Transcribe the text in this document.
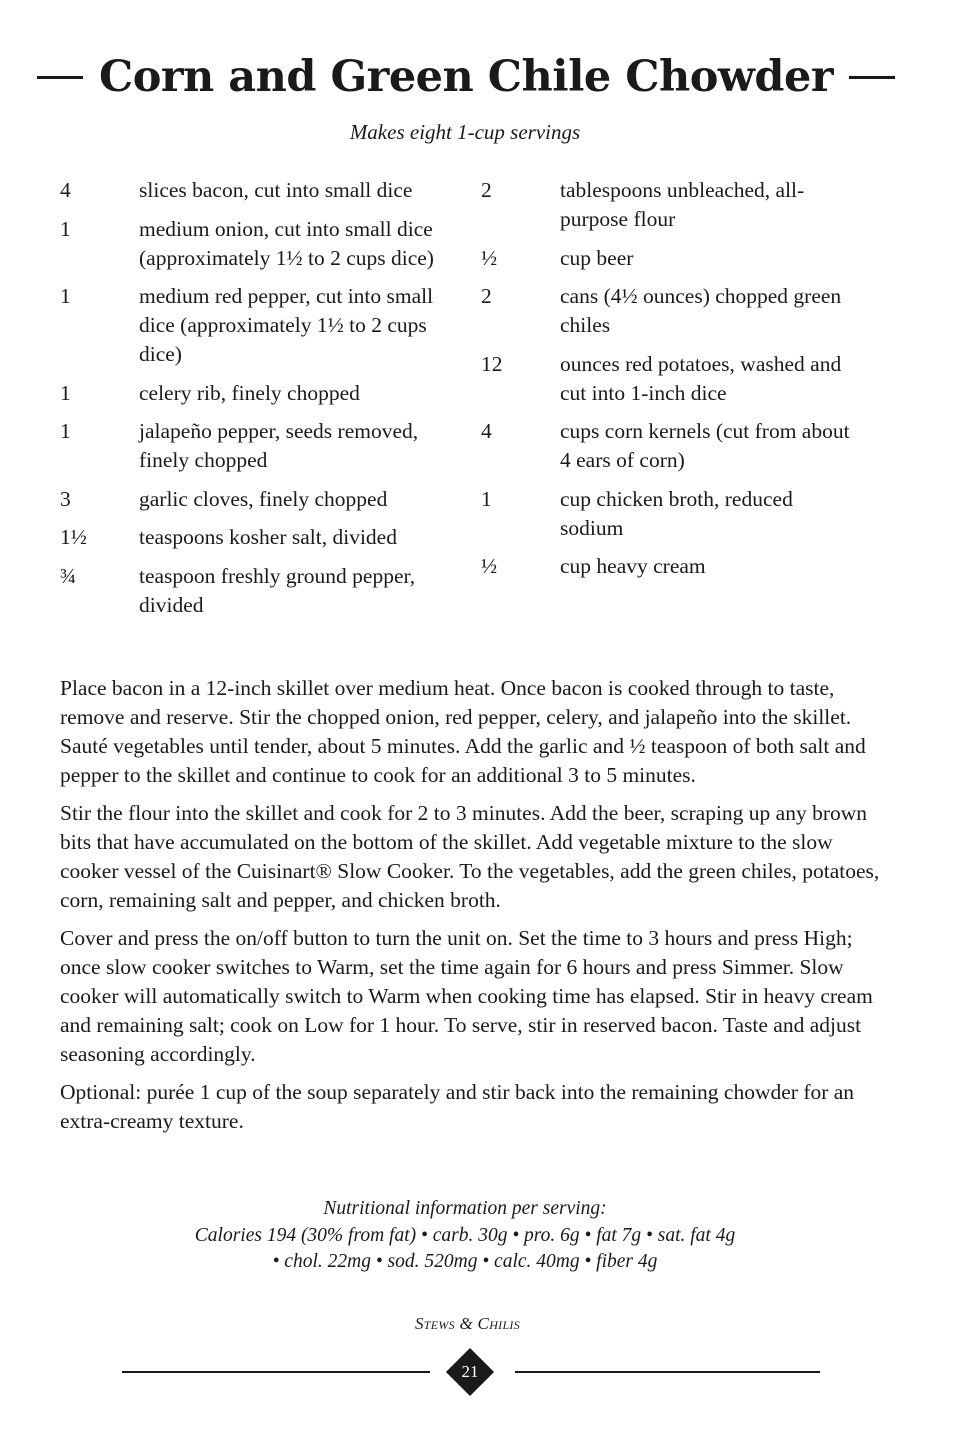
Corn and Green Chile Chowder
Makes eight 1-cup servings
4	slices bacon, cut into small dice
1	medium onion, cut into small dice (approximately 1½ to 2 cups dice)
1	medium red pepper, cut into small dice (approximately 1½ to 2 cups dice)
1	celery rib, finely chopped
1	jalapeño pepper, seeds removed, finely chopped
3	garlic cloves, finely chopped
1½	teaspoons kosher salt, divided
¾	teaspoon freshly ground pepper, divided
2	tablespoons unbleached, all-purpose flour
½	cup beer
2	cans (4½ ounces) chopped green chiles
12	ounces red potatoes, washed and cut into 1-inch dice
4	cups corn kernels (cut from about 4 ears of corn)
1	cup chicken broth, reduced sodium
½	cup heavy cream

Place bacon in a 12-inch skillet over medium heat. Once bacon is cooked through to taste, remove and reserve. Stir the chopped onion, red pepper, celery, and jalapeño into the skillet. Sauté vegetables until tender, about 5 minutes. Add the garlic and ½ teaspoon of both salt and pepper to the skillet and continue to cook for an additional 3 to 5 minutes.

Stir the flour into the skillet and cook for 2 to 3 minutes. Add the beer, scraping up any brown bits that have accumulated on the bottom of the skillet. Add vegetable mixture to the slow cooker vessel of the Cuisinart® Slow Cooker. To the vegetables, add the green chiles, potatoes, corn, remaining salt and pepper, and chicken broth.

Cover and press the on/off button to turn the unit on. Set the time to 3 hours and press High; once slow cooker switches to Warm, set the time again for 6 hours and press Simmer. Slow cooker will automatically switch to Warm when cooking time has elapsed. Stir in heavy cream and remaining salt; cook on Low for 1 hour. To serve, stir in reserved bacon. Taste and adjust seasoning accordingly.

Optional: purée 1 cup of the soup separately and stir back into the remaining chowder for an extra-creamy texture.

Nutritional information per serving:
Calories 194 (30% from fat) • carb. 30g • pro. 6g • fat 7g • sat. fat 4g
• chol. 22mg • sod. 520mg • calc. 40mg • fiber 4g
Stews & Chilis
21
